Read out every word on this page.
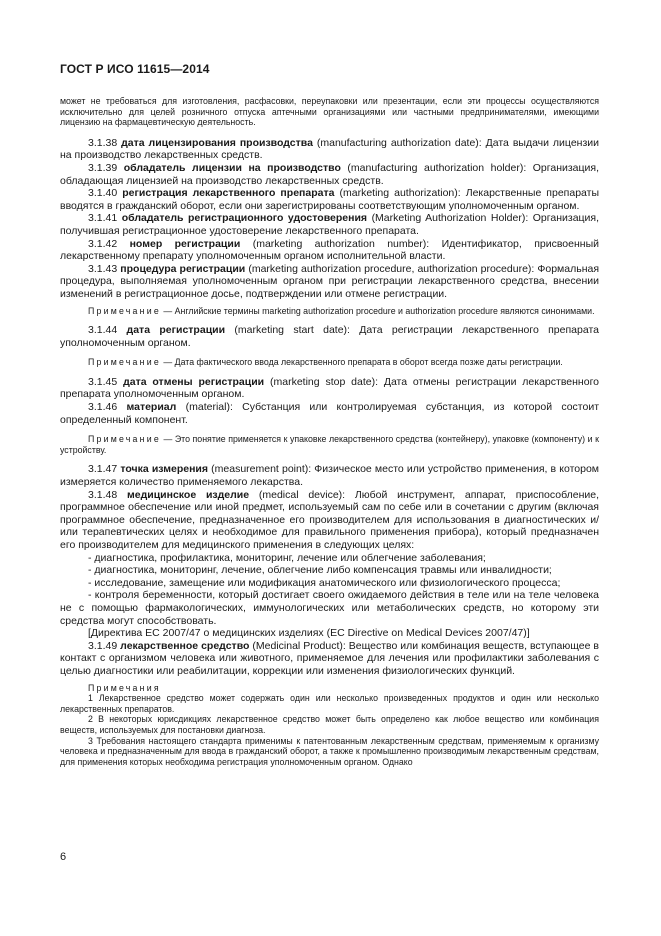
ГОСТ Р ИСО 11615—2014

может не требоваться для изготовления, расфасовки, переупаковки или презентации, если эти процессы осуществляются исключительно для целей розничного отпуска аптечными организациями или частными предпринимателями, имеющими лицензию на фармацевтическую деятельность.

3.1.38 дата лицензирования производства (manufacturing authorization date): Дата выдачи лицензии на производство лекарственных средств.

3.1.39 обладатель лицензии на производство (manufacturing authorization holder): Организация, обладающая лицензией на производство лекарственных средств.

3.1.40 регистрация лекарственного препарата (marketing authorization): Лекарственные препараты вводятся в гражданский оборот, если они зарегистрированы соответствующим уполномоченным органом.

3.1.41 обладатель регистрационного удостоверения (Marketing Authorization Holder): Организация, получившая регистрационное удостоверение лекарственного препарата.

3.1.42 номер регистрации (marketing authorization number): Идентификатор, присвоенный лекарственному препарату уполномоченным органом исполнительной власти.

3.1.43 процедура регистрации (marketing authorization procedure, authorization procedure): Формальная процедура, выполняемая уполномоченным органом при регистрации лекарственного средства, внесении изменений в регистрационное досье, подтверждении или отмене регистрации.

Примечание — Английские термины marketing authorization procedure и authorization procedure являются синонимами.

3.1.44 дата регистрации (marketing start date): Дата регистрации лекарственного препарата уполномоченным органом.

Примечание — Дата фактического ввода лекарственного препарата в оборот всегда позже даты регистрации.

3.1.45 дата отмены регистрации (marketing stop date): Дата отмены регистрации лекарственного препарата уполномоченным органом.

3.1.46 материал (material): Субстанция или контролируемая субстанция, из которой состоит определенный компонент.

Примечание — Это понятие применяется к упаковке лекарственного средства (контейнеру), упаковке (компоненту) и к устройству.

3.1.47 точка измерения (measurement point): Физическое место или устройство применения, в котором измеряется количество применяемого лекарства.

3.1.48 медицинское изделие (medical device): Любой инструмент, аппарат, приспособление, программное обеспечение или иной предмет, используемый сам по себе или в сочетании с другим (включая программное обеспечение, предназначенное его производителем для использования в диагностических и/или терапевтических целях и необходимое для правильного применения прибора), который предназначен его производителем для медицинского применения в следующих целях:

- диагностика, профилактика, мониторинг, лечение или облегчение заболевания;

- диагностика, мониторинг, лечение, облегчение либо компенсация травмы или инвалидности;

- исследование, замещение или модификация анатомического или физиологического процесса;

- контроля беременности, который достигает своего ожидаемого действия в теле или на теле человека не с помощью фармакологических, иммунологических или метаболических средств, но которому эти средства могут способствовать.

[Директива ЕС 2007/47 о медицинских изделиях (EC Directive on Medical Devices 2007/47)]

3.1.49 лекарственное средство (Medicinal Product): Вещество или комбинация веществ, вступающее в контакт с организмом человека или животного, применяемое для лечения или профилактики заболевания с целью диагностики или реабилитации, коррекции или изменения физиологических функций.

Примечания

1 Лекарственное средство может содержать один или несколько произведенных продуктов и один или несколько лекарственных препаратов.

2 В некоторых юрисдикциях лекарственное средство может быть определено как любое вещество или комбинация веществ, используемых для постановки диагноза.

3 Требования настоящего стандарта применимы к патентованным лекарственным средствам, применяемым к организму человека и предназначенным для ввода в гражданский оборот, а также к промышленно производимым лекарственным средствам, для применения которых необходима регистрация уполномоченным органом. Однако

6
